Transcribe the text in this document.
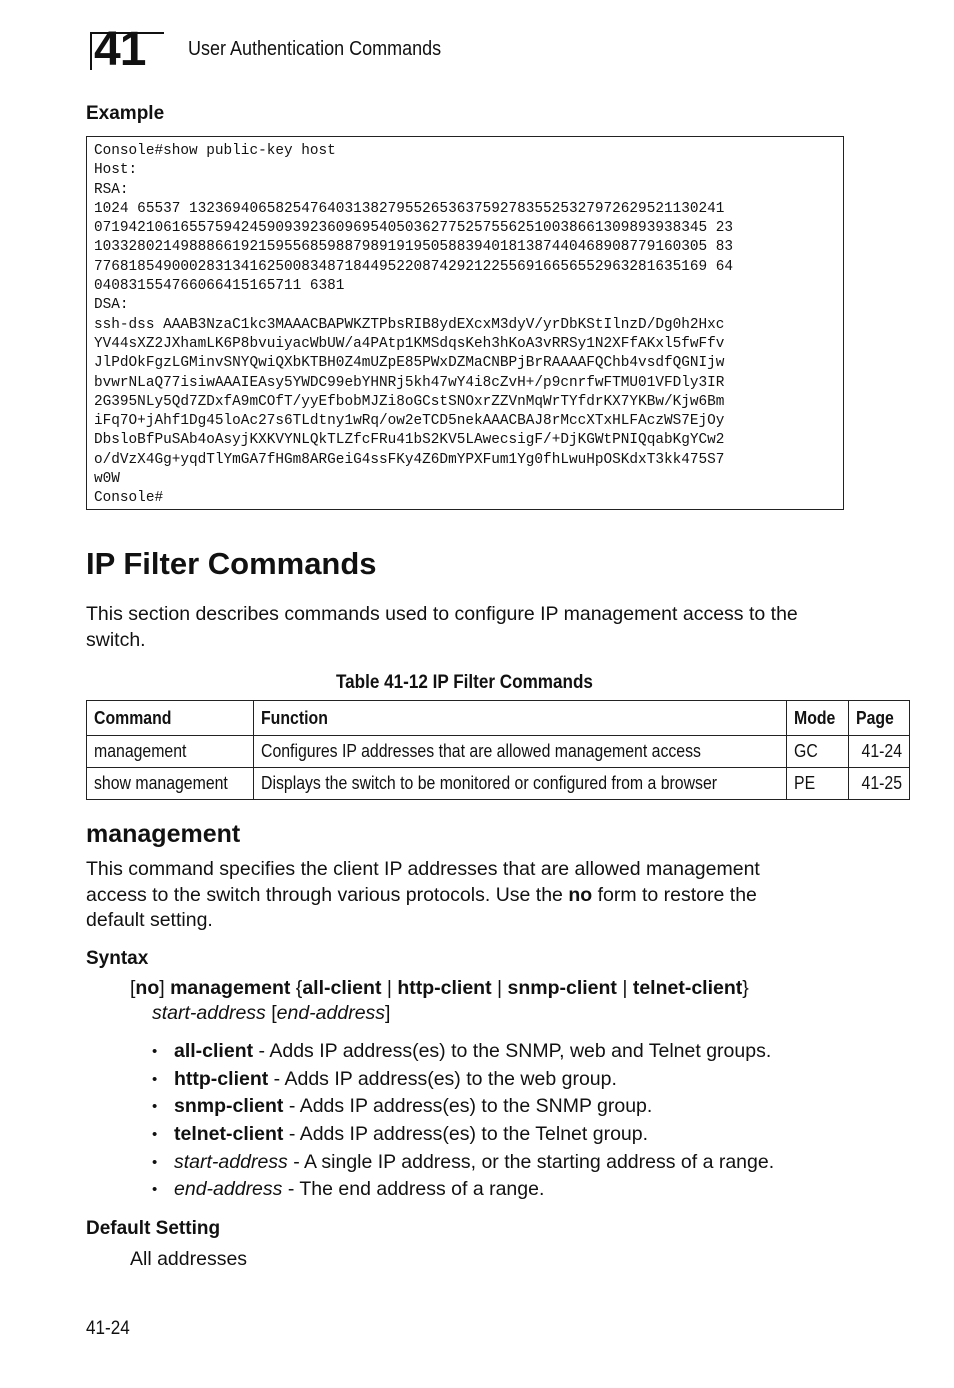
41 User Authentication Commands
Example
Console#show public-key host
Host:
RSA:
1024 65537 13236940658254764031382795526536375927835525327972629521130241
07194210616557594245909392360969540503627752575562510038661309893938345 23
10332802149888661921595568598879891919505883940181387440468908779160305 83
77681854900028313416250083487184495220874292122556916656552963281635169 64
040831554766066415165711 6381
DSA:
ssh-dss AAAB3NzaC1kc3MAAACBAPWKZTPbsRIB8ydEXcxM3dyV/yrDbKStIlnzD/Dg0h2Hxc
YV44sXZ2JXhamLK6P8bvuiyacWbUW/a4PAtp1KMSdqsKeh3hKoA3vRRSy1N2XFfAKxl5fwFfv
JlPdOkFgzLGMinvSNYQwiQXbKTBH0Z4mUZpE85PWxDZMaCNBPjBrRAAAAFQChb4vsdfQGNIjw
bvwrNLaQ77isiwAAAIEAsy5YWDC99ebYHNRj5kh47wY4i8cZvH+/p9cnrfwFTMU01VFDly3IR
2G395NLy5Qd7ZDxfA9mCOfT/yyEfbobMJZi8oGCstSNOxrZZVnMqWrTYfdrKX7YKBw/Kjw6Bm
iFq7O+jAhf1Dg45loAc27s6TLdtny1wRq/ow2eTCD5nekAAACBAJ8rMccXTxHLFAczWS7EjOy
DbsloBfPuSAb4oAsyjKXKVYNLQkTLZfcFRu41bS2KV5LAwecsigF/+DjKGWtPNIQqabKgYCw2
o/dVzX4Gg+yqdTlYmGA7fHGm8ARGeiG4ssFKy4Z6DmYPXFum1Yg0fhLwuHpOSKdxT3kk475S7
w0W
Console#
IP Filter Commands
This section describes commands used to configure IP management access to the
switch.
Table 41-12 IP Filter Commands
Command	Function	Mode	Page
management	Configures IP addresses that are allowed management access	GC	41-24
show management	Displays the switch to be monitored or configured from a browser	PE	41-25
management
This command specifies the client IP addresses that are allowed management
access to the switch through various protocols. Use the no form to restore the
default setting.
Syntax
[no] management {all-client | http-client | snmp-client | telnet-client}
start-address [end-address]
• all-client - Adds IP address(es) to the SNMP, web and Telnet groups.
• http-client - Adds IP address(es) to the web group.
• snmp-client - Adds IP address(es) to the SNMP group.
• telnet-client - Adds IP address(es) to the Telnet group.
• start-address - A single IP address, or the starting address of a range.
• end-address - The end address of a range.
Default Setting
All addresses
41-24
